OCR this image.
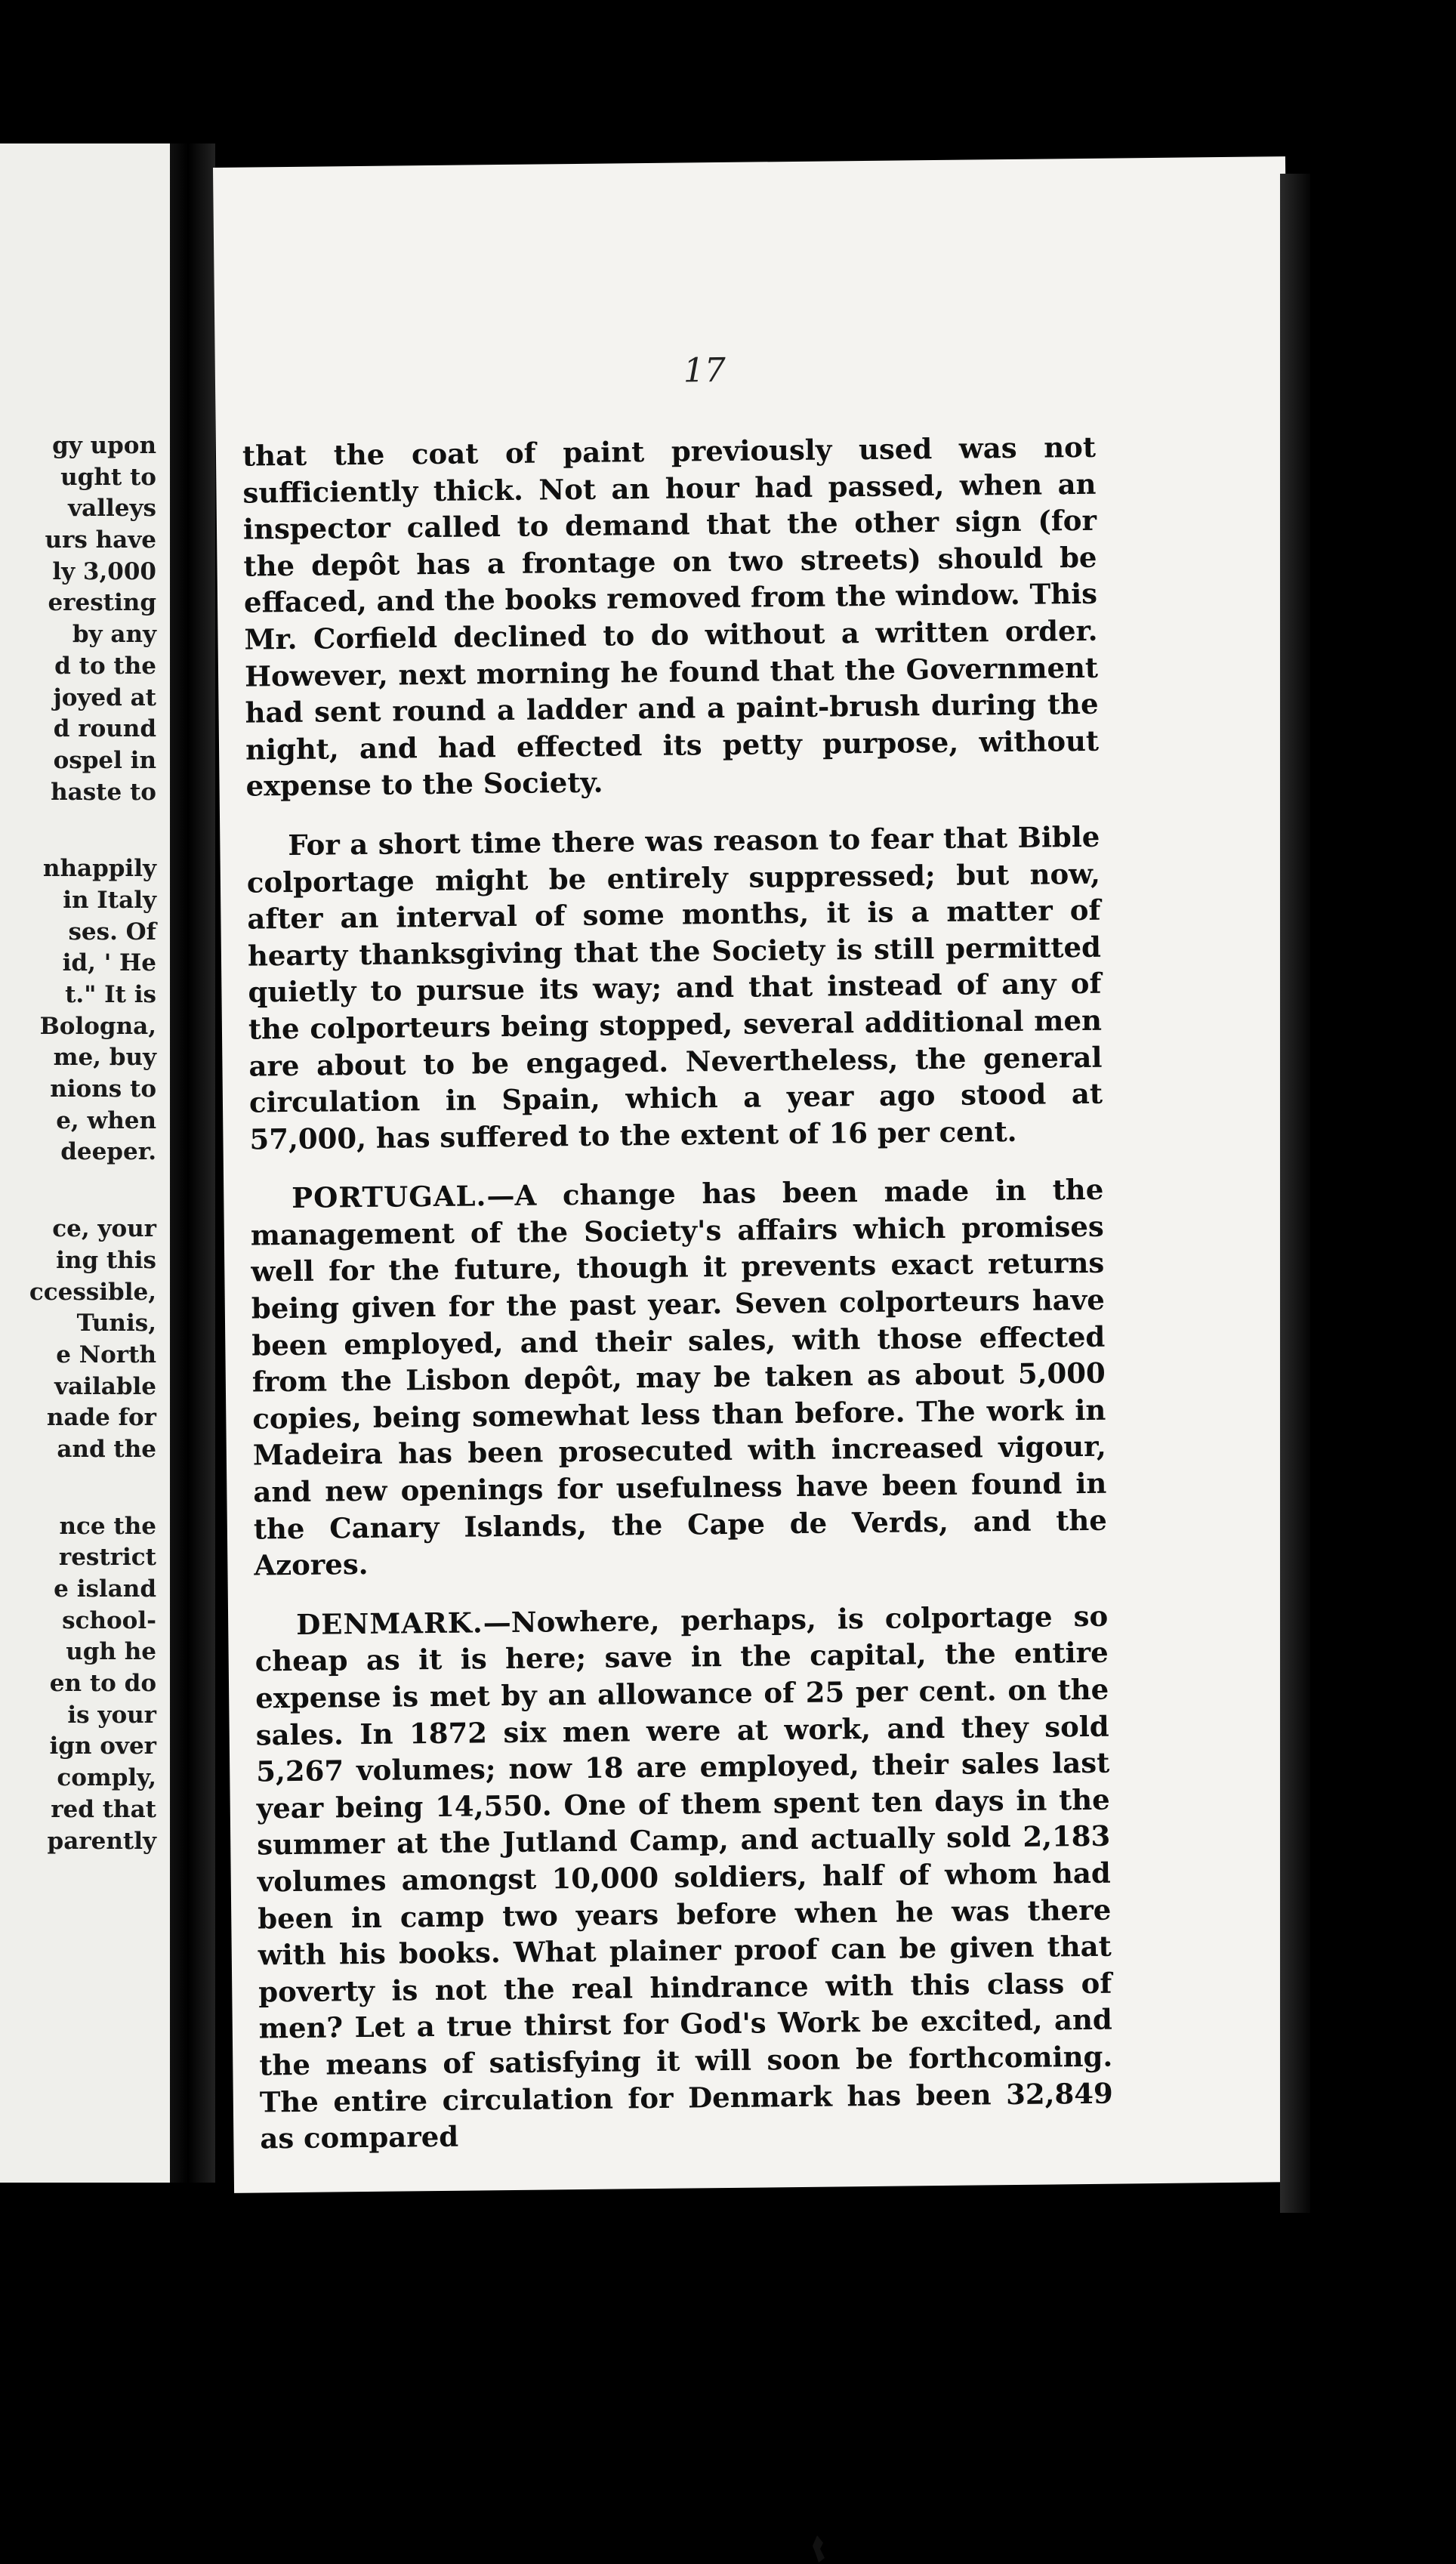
gy upon
ught to
valleys
urs have
ly 3,000
eresting
by any
d to the
joyed at
d round
ospel in
haste to
nhappily
in Italy
ses. Of
id, ' He
t." It is
Bologna,
me, buy
nions to
e, when
deeper.
ce, your
ing this
ccessible,
Tunis,
e North
vailable
nade for
and the
nce the
restrict
e island
school-
ugh he
en to do
is your
ign over
comply,
red that
parently
17

that the coat of paint previously used was not sufficiently thick. Not an hour had passed, when an inspector called to demand that the other sign (for the depôt has a frontage on two streets) should be effaced, and the books removed from the window. This Mr. Corfield declined to do without a written order. However, next morning he found that the Government had sent round a ladder and a paint-brush during the night, and had effected its petty purpose, without expense to the Society.

For a short time there was reason to fear that Bible colportage might be entirely suppressed; but now, after an interval of some months, it is a matter of hearty thanksgiving that the Society is still permitted quietly to pursue its way; and that instead of any of the colporteurs being stopped, several additional men are about to be engaged. Nevertheless, the general circulation in Spain, which a year ago stood at 57,000, has suffered to the extent of 16 per cent.

PORTUGAL.—A change has been made in the management of the Society's affairs which promises well for the future, though it prevents exact returns being given for the past year. Seven colporteurs have been employed, and their sales, with those effected from the Lisbon depôt, may be taken as about 5,000 copies, being somewhat less than before. The work in Madeira has been prosecuted with increased vigour, and new openings for usefulness have been found in the Canary Islands, the Cape de Verds, and the Azores.

DENMARK.—Nowhere, perhaps, is colportage so cheap as it is here; save in the capital, the entire expense is met by an allowance of 25 per cent. on the sales. In 1872 six men were at work, and they sold 5,267 volumes; now 18 are employed, their sales last year being 14,550. One of them spent ten days in the summer at the Jutland Camp, and actually sold 2,183 volumes amongst 10,000 soldiers, half of whom had been in camp two years before when he was there with his books. What plainer proof can be given that poverty is not the real hindrance with this class of men? Let a true thirst for God's Work be excited, and the means of satisfying it will soon be forthcoming. The entire circulation for Denmark has been 32,849 as compared
